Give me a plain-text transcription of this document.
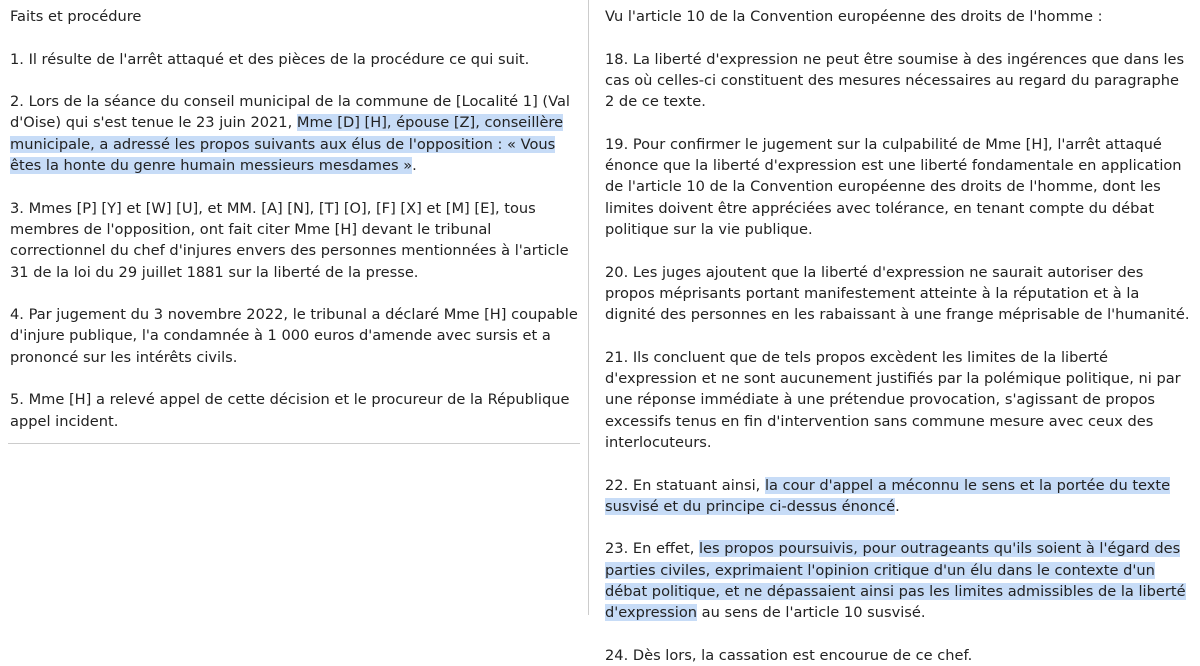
Faits et procédure

1. Il résulte de l'arrêt attaqué et des pièces de la procédure ce qui suit.

2. Lors de la séance du conseil municipal de la commune de [Localité 1] (Val d'Oise) qui s'est tenue le 23 juin 2021, Mme [D] [H], épouse [Z], conseillère municipale, a adressé les propos suivants aux élus de l'opposition : « Vous êtes la honte du genre humain messieurs mesdames ».

3. Mmes [P] [Y] et [W] [U], et MM. [A] [N], [T] [O], [F] [X] et [M] [E], tous membres de l'opposition, ont fait citer Mme [H] devant le tribunal correctionnel du chef d'injures envers des personnes mentionnées à l'article 31 de la loi du 29 juillet 1881 sur la liberté de la presse.

4. Par jugement du 3 novembre 2022, le tribunal a déclaré Mme [H] coupable d'injure publique, l'a condamnée à 1 000 euros d'amende avec sursis et a prononcé sur les intérêts civils.

5. Mme [H] a relevé appel de cette décision et le procureur de la République appel incident.

Vu l'article 10 de la Convention européenne des droits de l'homme :

18. La liberté d'expression ne peut être soumise à des ingérences que dans les cas où celles-ci constituent des mesures nécessaires au regard du paragraphe 2 de ce texte.

19. Pour confirmer le jugement sur la culpabilité de Mme [H], l'arrêt attaqué énonce que la liberté d'expression est une liberté fondamentale en application de l'article 10 de la Convention européenne des droits de l'homme, dont les limites doivent être appréciées avec tolérance, en tenant compte du débat politique sur la vie publique.

20. Les juges ajoutent que la liberté d'expression ne saurait autoriser des propos méprisants portant manifestement atteinte à la réputation et à la dignité des personnes en les rabaissant à une frange méprisable de l'humanité.

21. Ils concluent que de tels propos excèdent les limites de la liberté d'expression et ne sont aucunement justifiés par la polémique politique, ni par une réponse immédiate à une prétendue provocation, s'agissant de propos excessifs tenus en fin d'intervention sans commune mesure avec ceux des interlocuteurs.

22. En statuant ainsi, la cour d'appel a méconnu le sens et la portée du texte susvisé et du principe ci-dessus énoncé.

23. En effet, les propos poursuivis, pour outrageants qu'ils soient à l'égard des parties civiles, exprimaient l'opinion critique d'un élu dans le contexte d'un débat politique, et ne dépassaient ainsi pas les limites admissibles de la liberté d'expression au sens de l'article 10 susvisé.

24. Dès lors, la cassation est encourue de ce chef.
